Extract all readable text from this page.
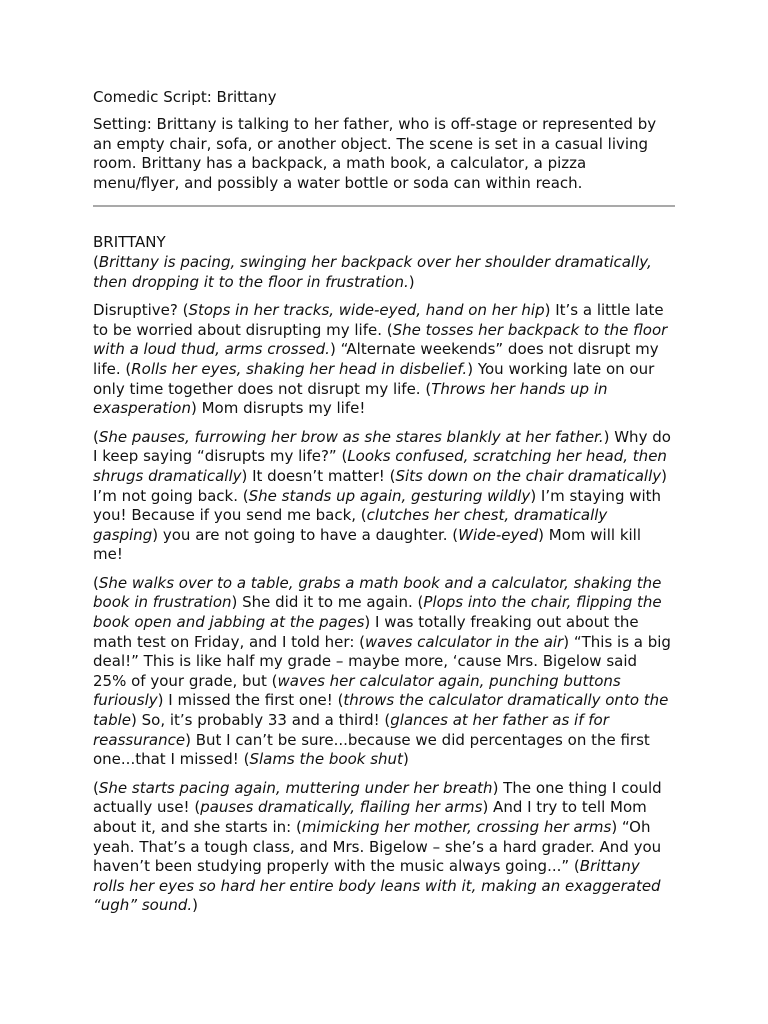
Comedic Script: Brittany

Setting: Brittany is talking to her father, who is off-stage or represented by an empty chair, sofa, or another object. The scene is set in a casual living room. Brittany has a backpack, a math book, a calculator, a pizza menu/flyer, and possibly a water bottle or soda can within reach.

BRITTANY

(Brittany is pacing, swinging her backpack over her shoulder dramatically, then dropping it to the floor in frustration.)

Disruptive? (Stops in her tracks, wide-eyed, hand on her hip) It’s a little late to be worried about disrupting my life. (She tosses her backpack to the floor with a loud thud, arms crossed.) “Alternate weekends” does not disrupt my life. (Rolls her eyes, shaking her head in disbelief.) You working late on our only time together does not disrupt my life. (Throws her hands up in exasperation) Mom disrupts my life!

(She pauses, furrowing her brow as she stares blankly at her father.) Why do I keep saying “disrupts my life?” (Looks confused, scratching her head, then shrugs dramatically) It doesn’t matter! (Sits down on the chair dramatically) I’m not going back. (She stands up again, gesturing wildly) I’m staying with you! Because if you send me back, (clutches her chest, dramatically gasping) you are not going to have a daughter. (Wide-eyed) Mom will kill me!

(She walks over to a table, grabs a math book and a calculator, shaking the book in frustration) She did it to me again. (Plops into the chair, flipping the book open and jabbing at the pages) I was totally freaking out about the math test on Friday, and I told her: (waves calculator in the air) “This is a big deal!” This is like half my grade – maybe more, ‘cause Mrs. Bigelow said 25% of your grade, but (waves her calculator again, punching buttons furiously) I missed the first one! (throws the calculator dramatically onto the table) So, it’s probably 33 and a third! (glances at her father as if for reassurance) But I can’t be sure...because we did percentages on the first one...that I missed! (Slams the book shut)

(She starts pacing again, muttering under her breath) The one thing I could actually use! (pauses dramatically, flailing her arms) And I try to tell Mom about it, and she starts in: (mimicking her mother, crossing her arms) “Oh yeah. That’s a tough class, and Mrs. Bigelow – she’s a hard grader. And you haven’t been studying properly with the music always going...” (Brittany rolls her eyes so hard her entire body leans with it, making an exaggerated “ugh” sound.)
